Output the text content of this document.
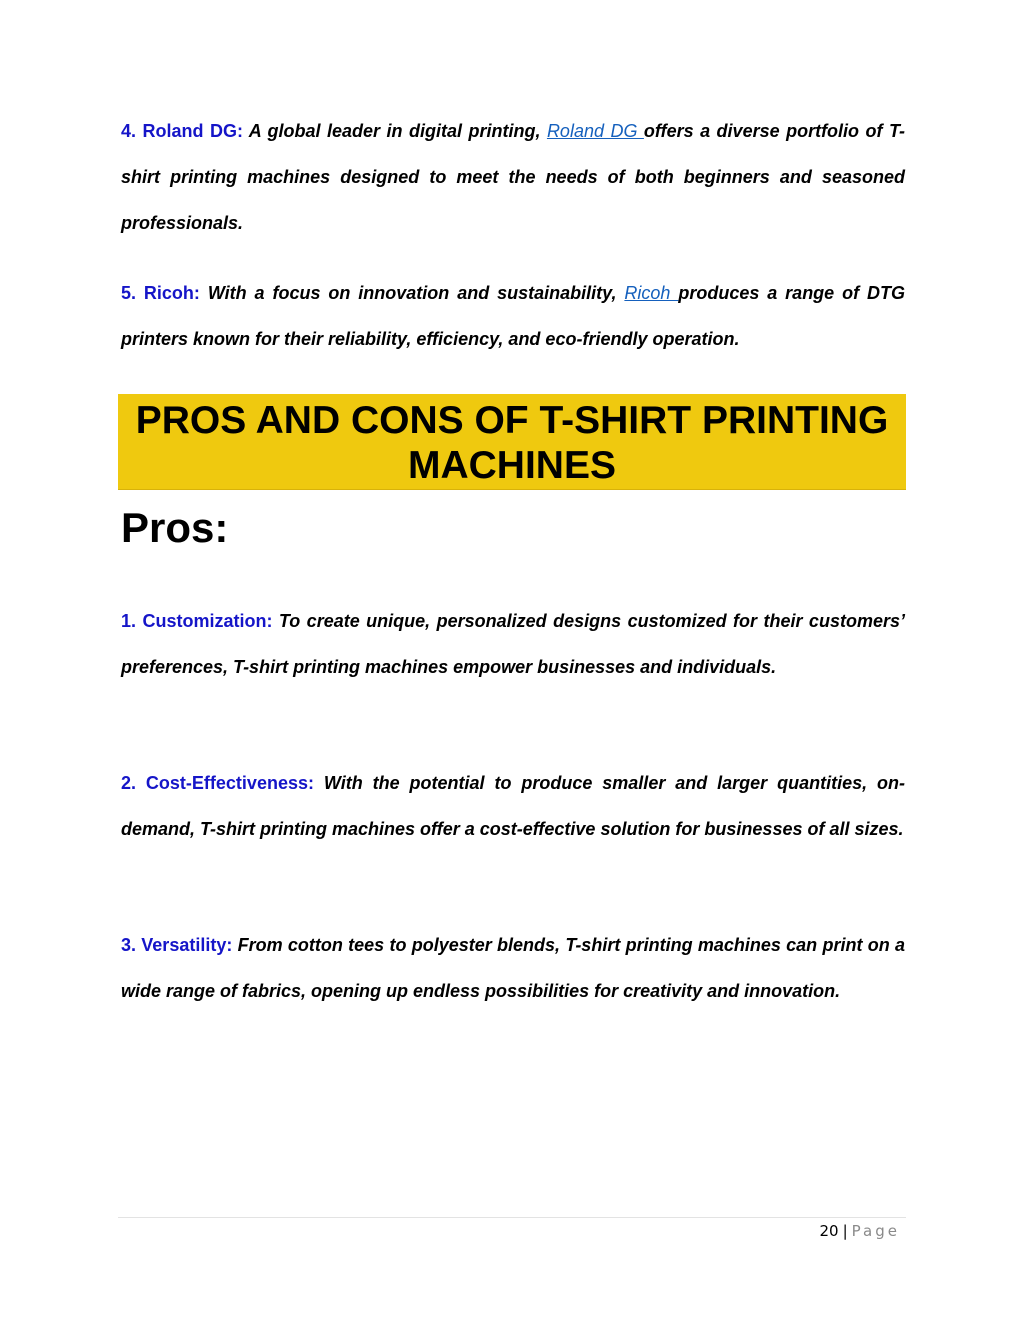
4. Roland DG: A global leader in digital printing, Roland DG offers a diverse portfolio of T-shirt printing machines designed to meet the needs of both beginners and seasoned professionals.

5. Ricoh: With a focus on innovation and sustainability, Ricoh produces a range of DTG printers known for their reliability, efficiency, and eco-friendly operation.

PROS AND CONS OF T-SHIRT PRINTING
MACHINES
Pros:

1. Customization: To create unique, personalized designs customized for their customers’ preferences, T-shirt printing machines empower businesses and individuals.

2. Cost-Effectiveness: With the potential to produce smaller and larger quantities, on-demand, T-shirt printing machines offer a cost-effective solution for businesses of all sizes.

3. Versatility: From cotton tees to polyester blends, T-shirt printing machines can print on a wide range of fabrics, opening up endless possibilities for creativity and innovation.

20 | Page
